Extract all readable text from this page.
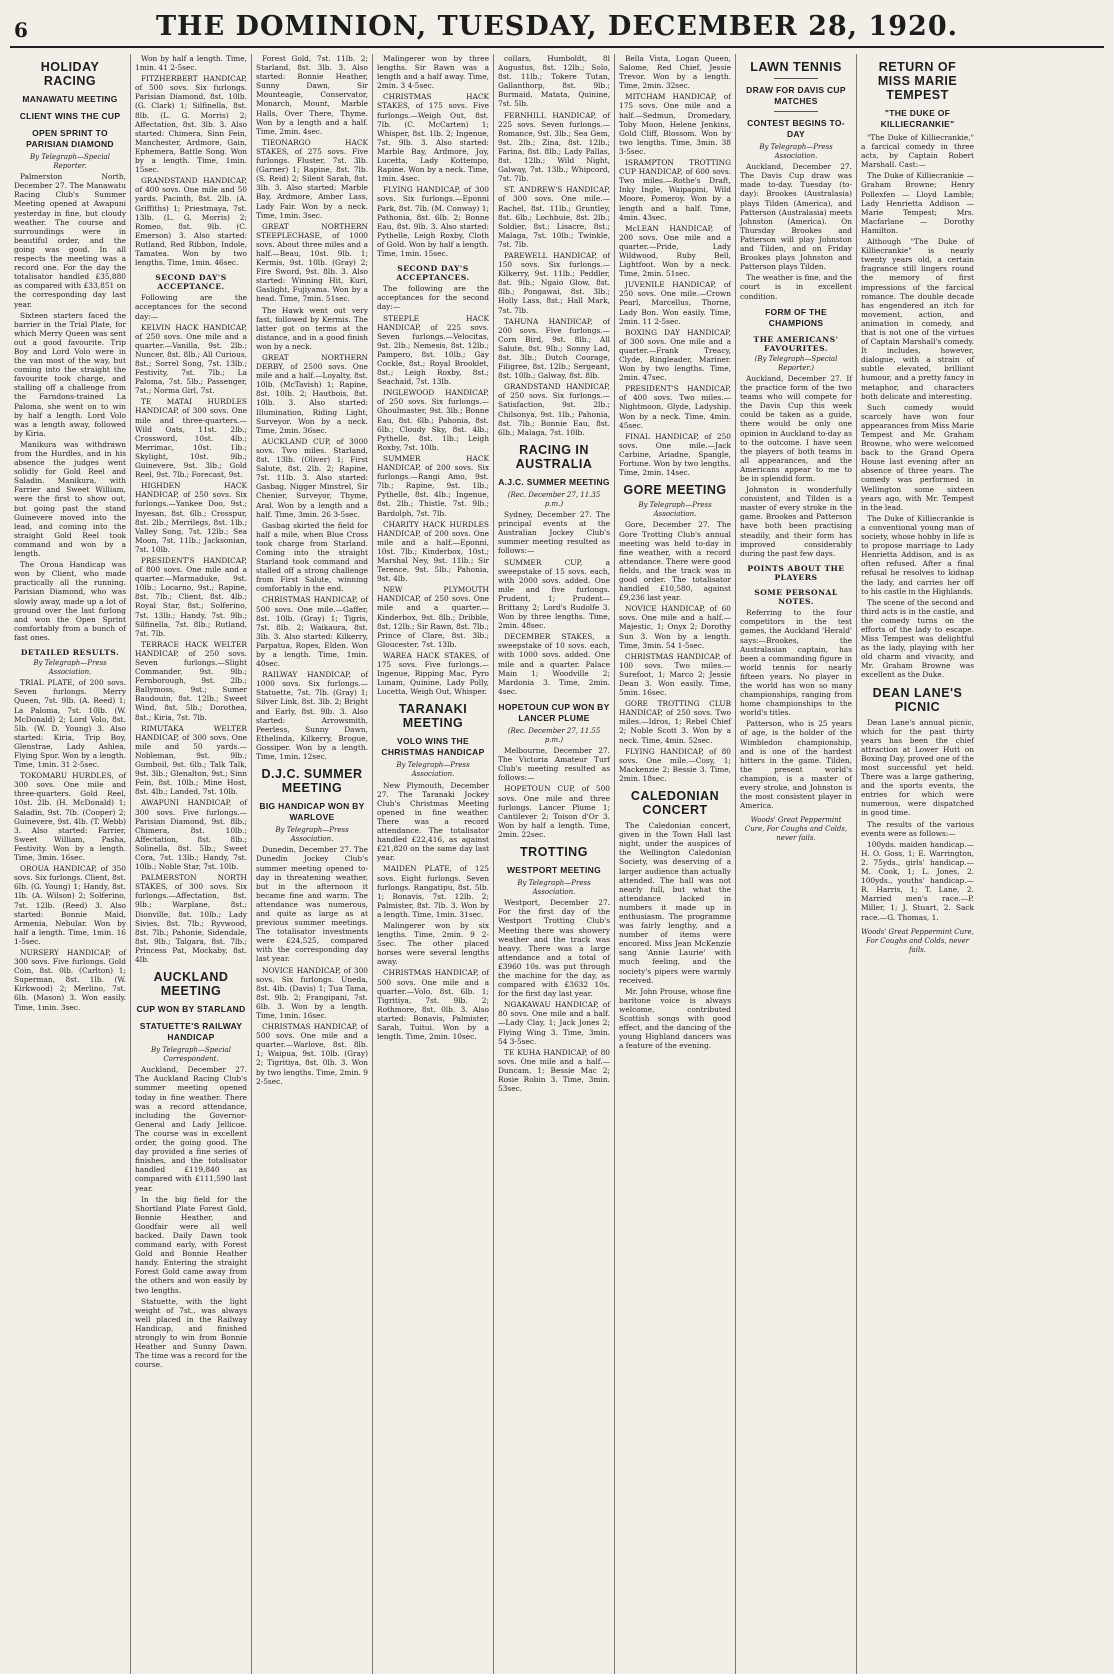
6	THE DOMINION, TUESDAY, DECEMBER 28, 1920.
HOLIDAY RACING
MANAWATU MEETING
CLIENT WINS THE CUP
OPEN SPRINT TO PARISIAN DIAMOND
By Telegraph—Special Reporter.

Palmerston North, December 27. The Manawatu Racing Club's Summer Meeting opened at Awapuni yesterday in fine, but cloudy weather. The course and surroundings were in beautiful order, and the going was good. In all respects the meeting was a record one. For the day the totalisator handled £35,880 as compared with £33,851 on the corresponding day last year.

Sixteen starters faced the barrier in the Trial Plate, for which Merry Queen was sent out a good favourite. Trip Boy and Lord Volo were in the van most of the way, but coming into the straight the favourite took charge, and stalling off a challenge from the Farndons-trained La Paloma, she went on to win by half a length. Lord Volo was a length away, followed by Kiria.

Manikura was withdrawn from the Hurdles, and in his absence the judges went solidly for Gold Reel and Saladin. Manikura, with Farrier and Sweet William, were the first to show out, but going past the stand Guinevere moved into the lead, and coming into the straight Gold Reel took command and won by a length.

The Oroua Handicap was won by Client, who made practically all the running. Parisian Diamond, who was slowly away, made up a lot of ground over the last furlong and won the Open Sprint comfortably from a bunch of fast ones.

DETAILED RESULTS.
By Telegraph—Press Association.

TRIAL PLATE, of 200 sovs. Seven furlongs. Merry Queen, 7st. 9lb. (A. Reed) 1; La Paloma, 7st. 10lb. (W. McDonald) 2; Lord Volo, 8st. 5lb. (W. D. Young) 3. Also started: Kiria, Trip Boy, Glenstrae, Lady Ashlea, Flying Spur. Won by a length. Time, 1min. 31 2-5sec.

TOKOMARU HURDLES, of 300 sovs. One mile and three-quarters. Gold Reel, 10st. 2lb. (H. McDonald) 1; Saladin, 9st. 7lb. (Cooper) 2; Guinevere, 9st. 4lb. (T. Webb) 3. Also started: Farrier, Sweet William, Pasha, Festivity. Won by a length. Time, 3min. 16sec.

OROUA HANDICAP, of 350 sovs. Six furlongs. Client, 8st. 6lb. (G. Young) 1; Handy, 8st. 1lb. (A. Wilson) 2; Solferino, 7st. 12lb. (Reed) 3. Also started: Bonnie Maid, Armenia, Nebular. Won by half a length. Time, 1min. 16 1-5sec.

NURSERY HANDICAP, of 300 sovs. Five furlongs. Gold Coin, 8st. 0lb. (Carlton) 1; Superman, 8st. 1lb. (W. Kirkwood) 2; Merlino, 7st. 6lb. (Mason) 3. Won easily. Time, 1min. 3sec.

Won by half a length. Time, 1min. 41 2-5sec.

FITZHERBERT HANDICAP, of 500 sovs. Six furlongs. Parisian Diamond, 8st. 10lb. (G. Clark) 1; Silfinella, 8st. 8lb. (L. G. Morris) 2; Affectation, 8st. 3lb. 3. Also started: Chimera, Sinn Fein, Manchester, Ardmore, Gain, Ephemera, Battle Song. Won by a length. Time, 1min. 15sec.

GRANDSTAND HANDICAP, of 400 sovs. One mile and 50 yards. Pacinth, 8st. 2lb. (A. Griffiths) 1; Priestmaya, 7st. 13lb. (L. G. Morris) 2; Romeo, 8st. 9lb. (C. Emerson) 3. Also started: Rutland, Red Ribbon, Indole, Tamatea. Won by two lengths. Time, 1min. 46sec.

SECOND DAY'S ACCEPTANCE.

Following are the acceptances for the second day:—

KELVIN HACK HANDICAP, of 250 sovs. One mile and a quarter.—Vanilla, 9st. 2lb.; Nuncer, 8st. 8lb.; All Curious, 8st.; Sorrel Song, 7st. 13lb.; Festivity, 7st. 7lb.; La Paloma, 7st. 5lb.; Passenger, 7st.; Norma Girl, 7st.

TE MATAI HURDLES HANDICAP, of 300 sovs. One mile and three-quarters.—Wild Oats, 11st. 2lb.; Crossword, 10st. 4lb.; Merrimac, 10st. 1lb.; Skylight, 10st. 9lb.; Guinevere, 9st. 3lb.; Gold Reel, 9st. 7lb.; Forecast, 9st.

HIGHDEN HACK HANDICAP, of 250 sovs. Six furlongs.—Yankee Doo, 9st.; Inyesan, 8st. 6lb.; Crosspur, 8st. 2lb.; Merrilegs, 8st. 1lb.; Valley Song, 7st. 12lb.; Sea Moon, 7st. 11lb.; Jacksonian, 7st. 10lb.

PRESIDENT'S HANDICAP, of 800 sovs. One mile and a quarter.—Marmaduke, 9st. 10lb.; Locarno, 9st.; Rapine, 8st. 7lb.; Client, 8st. 4lb.; Royal Star, 8st.; Solferino, 7st. 13lb.; Handy, 7st. 9lb.; Silfinella, 7st. 8lb.; Rutland, 7st. 7lb.

TERRACE HACK WELTER HANDICAP, of 250 sovs. Seven furlongs.—Slight Commander, 9st. 9lb.; Fernborough, 9st. 2lb.; Ballymoss, 9st.; Sumer Baudouin, 8st. 12lb.; Sweet Wind, 8st. 5lb.; Dorothea, 8st.; Kiria, 7st. 7lb.

RIMUTAKA WELTER HANDICAP, of 300 sovs. One mile and 50 yards.—Nobleman, 9st. 9lb.; Gumboil, 9st. 6lb.; Talk Talk, 9st. 3lb.; Glenalton, 9st.; Sinn Fein, 8st. 10lb.; Mine Host, 8st. 4lb.; Landed, 7st. 10lb.

AWAPUNI HANDICAP, of 300 sovs. Five furlongs.—Parisian Diamond, 9st. 8lb.; Chimera, 8st. 10lb.; Affectation, 8st. 8lb.; Solinella, 8st. 5lb.; Sweet Cora, 7st. 13lb.; Handy, 7st. 10lb.; Noble Star, 7st. 10lb.

PALMERSTON NORTH STAKES, of 300 sovs. Six furlongs.—Affectation, 8st. 9lb.; Warplane, 8st.; Dionville, 8st. 10lb.; Lady Sivies, 8st. 7lb.; Ryvwood, 8st. 7lb.; Pahonie, Sidendale, 8st. 9lb.; Talgara, 8st. 7lb.; Princess Pat, Mockaby, 8st. 4lb.

AUCKLAND MEETING
CUP WON BY STARLAND
STATUETTE'S RAILWAY HANDICAP
By Telegraph—Special Correspondent.

Auckland, December 27. The Auckland Racing Club's summer meeting opened today in fine weather. There was a record attendance, including the Governor-General and Lady Jellicoe. The course was in excellent order, the going good. The day provided a fine series of finishes, and the totalisator handled £119,840 as compared with £111,590 last year.

In the big field for the Shortland Plate Forest Gold, Bonnie Heather, and Goodfair were all well backed. Daily Dawn took command early, with Forest Gold and Bonnie Heather handy. Entering the straight Forest Gold came away from the others and won easily by two lengths.

Statuette, with the light weight of 7st., was always well placed in the Railway Handicap, and finished strongly to win from Bonnie Heather and Sunny Dawn. The time was a record for the course.

Forest Gold, 7st. 11lb. 2; Starland, 8st. 3lb. 3. Also started: Bonnie Heather, Sunny Dawn, Sir Mounteagle, Conservator, Monarch, Mount, Marble Halls, Over There, Thyme. Won by a length and a half. Time, 2min. 4sec.

TIEONARGO HACK STAKES, of 275 sovs. Five furlongs. Fluster, 7st. 3lb. (Garner) 1; Rapine, 8st. 7lb. (S. Reid) 2; Silent Sarah, 8st. 3lb. 3. Also started: Marble Bay, Ardmore, Amber Lass, Lady Fair. Won by a neck. Time, 1min. 3sec.

GREAT NORTHERN STEEPLECHASE, of 1000 sovs. About three miles and a half.—Beau, 10st. 9lb. 1; Kermis, 9st. 10lb. (Gray) 2; Fire Sword, 9st. 8lb. 3. Also started: Winning Hit, Kuri, Gaslight, Fujiyama. Won by a head. Time, 7min. 51sec.

The Hawk went out very fast, followed by Kermis. The latter got on terms at the distance, and in a good finish won by a neck.

GREAT NORTHERN DERBY, of 2500 sovs. One mile and a half.—Loyalty, 8st. 10lb. (McTavish) 1; Rapine, 8st. 10lb. 2; Hautbois, 8st. 10lb. 3. Also started: Illumination, Riding Light, Surveyor. Won by a neck. Time, 2min. 36sec.

AUCKLAND CUP, of 3000 sovs. Two miles. Starland, 8st. 13lb. (Oliver) 1; First Salute, 8st. 2lb. 2; Rapine, 7st. 11lb. 3. Also started: Gasbag, Nigger Minstrel, Sir Chenier, Surveyor, Thyme, Aral. Won by a length and a half. Time, 3min. 26 3-5sec.

Gasbag skirted the field for half a mile, when Blue Cross took charge from Starland. Coming into the straight Starland took command and stalled off a strong challenge from First Salute, winning comfortably in the end.

CHRISTMAS HANDICAP, of 500 sovs. One mile.—Gaffer, 8st. 10lb. (Gray) 1; Tigris, 7st. 8lb. 2; Waikaura, 8st. 3lb. 3. Also started: Kilkerry, Parpatua, Ropes, Elden. Won by a length. Time, 1min. 40sec.

RAILWAY HANDICAP, of 1000 sovs. Six furlongs.—Statuette, 7st. 7lb. (Gray) 1; Silver Link, 8st. 3lb. 2; Bright and Early, 8st. 9lb. 3. Also started: Arrowsmith, Peerless, Sunny Dawn, Ethelinda, Kilkerry, Brogue, Gossiper. Won by a length. Time, 1min. 12sec.

D.J.C. SUMMER MEETING
BIG HANDICAP WON BY WARLOVE
By Telegraph—Press Association.

Dunedin, December 27. The Dunedin Jockey Club's summer meeting opened to-day in threatening weather, but in the afternoon it became fine and warm. The attendance was numerous, and quite as large as at previous summer meetings. The totalisator investments were £24,525, compared with the corresponding day last year.

NOVICE HANDICAP, of 300 sovs. Six furlongs. Uneda, 8st. 4lb. (Davis) 1; Tua Tama, 8st. 9lb. 2; Frangipani, 7st. 6lb. 3. Won by a length. Time, 1min. 16sec.

CHRISTMAS HANDICAP, of 500 sovs. One mile and a quarter.—Warlove, 8st. 8lb. 1; Waipua, 9st. 10lb. (Gray) 2; Tigritiya, 8st. 0lb. 3. Won by two lengths. Time, 2min. 9 2-5sec.

Malingerer won by three lengths. Sir Rawn was a length and a half away. Time, 2min. 3 4-5sec.

CHRISTMAS HACK STAKES, of 175 sovs. Five furlongs.—Weigh Out, 8st. 7lb. (C. McCarten) 1; Whisper, 8st. 1lb. 2; Ingenue, 7st. 9lb. 3. Also started: Marble Bay, Ardmore, Joy, Lucetta, Lady Kottempo, Rapine. Won by a neck. Time, 1min. 4sec.

FLYING HANDICAP, of 300 sovs. Six furlongs.—Eponni Park, 8st. 7lb. (M. Conway) 1; Pathonia, 8st. 6lb. 2; Bonne Eau, 8st. 9lb. 3. Also started: Pythelle, Leigh Roxby, Cloth of Gold. Won by half a length. Time, 1min. 15sec.

SECOND DAY'S ACCEPTANCES.

The following are the acceptances for the second day:—

STEEPLE HACK HANDICAP, of 225 sovs. Seven furlongs.—Velocitas, 9st. 2lb.; Nemesis, 8st. 12lb.; Pampero, 8st. 10lb.; Gay Cockle, 8st.; Royal Brooklet, 8st.; Leigh Roxby, 8st.; Seachaid, 7st. 13lb.

INGLEWOOD HANDICAP, of 250 sovs. Six furlongs.—Ghoulmaster, 9st. 3lb.; Bonne Eau, 8st. 6lb.; Pahonia, 8st. 6lb.; Cloudy Sky, 8st. 4lb.; Pythelle, 8st. 1lb.; Leigh Roxby, 7st. 10lb.

SUMMER HACK HANDICAP, of 200 sovs. Six furlongs.—Rangi Amo, 9st. 7lb.; Rapine, 9st. 1lb.; Pythelle, 8st. 4lb.; Ingenue, 8st. 2lb.; Thistle, 7st. 9lb.; Bardolph, 7st. 7lb.

CHARITY HACK HURDLES HANDICAP, of 200 sovs. One mile and a half.—Eponni, 10st. 7lb.; Kinderbox, 10st.; Marshal Ney, 9st. 11lb.; Sir Terence, 9st. 5lb.; Pahonia, 9st. 4lb.

NEW PLYMOUTH HANDICAP, of 250 sovs. One mile and a quarter.—Kinderbox, 9st. 8lb.; Dribble, 8st. 12lb.; Sir Rawn, 8st. 7lb.; Prince of Clare, 8st. 3lb.; Gloucester, 7st. 13lb.

WAREA HACK STAKES, of 175 sovs. Five furlongs.—Ingenue, Ripping Mac, Pyro Lunam, Quinine, Lady Polly, Lucetta, Weigh Out, Whisper.

TARANAKI MEETING
VOLO WINS THE CHRISTMAS HANDICAP
By Telegraph—Press Association.

New Plymouth, December 27. The Taranaki Jockey Club's Christmas Meeting opened in fine weather. There was a record attendance. The totalisator handled £22,416, as against £21,820 on the same day last year.

MAIDEN PLATE, of 125 sovs. Eight furlongs. Seven furlongs. Rangatipu, 8st. 5lb. 1; Bonavis, 7st. 12lb. 2; Palmister, 8st. 7lb. 3. Won by a length. Time, 1min. 31sec.

Malingerer won by six lengths. Time, 2min. 9 2-5sec. The other placed horses were several lengths away.

CHRISTMAS HANDICAP, of 500 sovs. One mile and a quarter.—Volo, 8st. 6lb. 1; Tigritiya, 7st. 9lb. 2; Rothmore, 8st. 0lb. 3. Also started: Bonavis, Palmister, Sarah, Tuitui. Won by a length. Time, 2min. 10sec.

collars, Humboldt, 8l Augustus, 8st. 12lb.; Solo, 8st. 11lb.; Tokere Tutan, Gallanthorp, 8st. 9lb.; Burmaid, Matata, Quinine, 7st. 5lb.

FERNHILL HANDICAP, of 225 sovs. Seven furlongs.—Romance, 9st. 3lb.; Sea Gem, 9st. 2lb.; Zina, 8st. 12lb.; Farina, 8st. 8lb.; Lady Pallas, 8st. 12lb.; Wild Night, Galway, 7st. 13lb.; Whipcord, 7st. 7lb.

ST. ANDREW'S HANDICAP, of 300 sovs. One mile.—Rachel, 8st. 11lb.; Gruntley, 8st. 6lb.; Lochbuie, 8st. 2lb.; Soldier, 8st.; Lisacre, 8st.; Malaga, 7st. 10lb.; Twinkle, 7st. 7lb.

PAREWELL HANDICAP, of 150 sovs. Six furlongs.—Kilkerry, 9st. 11lb.; Peddler, 8st. 9lb.; Ngaio Glow, 8st. 8lb.; Pongawai, 8st. 3lb.; Holly Lass, 8st.; Hall Mark, 7st. 7lb.

TAHUNA HANDICAP, of 200 sovs. Five furlongs.—Corn Bird, 9st. 8lb.; All Salute, 8st. 9lb.; Sonny Lad, 8st. 3lb.; Dutch Courage, Filigree, 8st. 12lb.; Sergeant, 8st. 10lb.; Galway, 8st. 8lb.

GRANDSTAND HANDICAP, of 250 sovs. Six furlongs.—Satisfaction, 9st. 2lb.; Chilsonya, 9st. 1lb.; Pahonia, 8st. 7lb.; Bonnie Eau, 8st. 6lb.; Malaga, 7st. 10lb.

RACING IN AUSTRALIA
A.J.C. SUMMER MEETING
(Rec. December 27, 11.35 p.m.)

Sydney, December 27. The principal events at the Australian Jockey Club's summer meeting resulted as follows:—

SUMMER CUP, a sweepstake of 15 sovs. each, with 2000 sovs. added. One mile and five furlongs. Prudent, 1; Prudent—Brittany 2; Lord's Rudolfe 3. Won by three lengths. Time, 2min. 48sec.

DECEMBER STAKES, a sweepstake of 10 sovs. each, with 1000 sovs. added. One mile and a quarter. Palace Main 1; Woodville 2; Mardonia 3. Time, 2min. 4sec.

HOPETOUN CUP WON BY LANCER PLUME
(Rec. December 27, 11.55 p.m.)

Melbourne, December 27. The Victoria Amateur Turf Club's meeting resulted as follows:—

HOPETOUN CUP, of 500 sovs. One mile and three furlongs. Lancer Plume 1; Cantilever 2; Toison d'Or 3. Won by half a length. Time, 2min. 22sec.

TROTTING
WESTPORT MEETING
By Telegraph—Press Association.

Westport, December 27. For the first day of the Westport Trotting Club's Meeting there was showery weather and the track was heavy. There was a large attendance and a total of £3960 10s. was put through the machine for the day, as compared with £3632 10s. for the first day last year.

NGAKAWAU HANDICAP, of 80 sovs. One mile and a half.—Lady Clay, 1; Jack Jones 2; Flying Wing 3. Time, 3min. 54 3-5sec.

TE KUHA HANDICAP, of 80 sovs. One mile and a half.—Duncam, 1; Bessie Mac 2; Rosie Robin 3. Time, 3min. 53sec.

Bella Vista, Logan Queen, Salome, Red Chief, Jessie Trevor. Won by a length. Time, 2min. 32sec.

MITCHAM HANDICAP, of 175 sovs. One mile and a half.—Sedmun, Dromedary, Toby Moon, Helene Jenkins, Gold Cliff, Blossom. Won by two lengths. Time, 3min. 38 3-5sec.

ISRAMPTON TROTTING CUP HANDICAP, of 600 sovs. Two miles.—Rothe's Draft, Inky Ingle, Waipapini, Wild Moore, Pomeroy. Won by a length and a half. Time, 4min. 43sec.

McLEAN HANDICAP, of 200 sovs. One mile and a quarter.—Pride, Lady Wildwood, Ruby Bell, Lightfoot. Won by a neck. Time, 2min. 51sec.

JUVENILE HANDICAP, of 250 sovs. One mile.—Crown Pearl, Marcellus, Thorne, Lady Bon. Won easily. Time, 2min. 11 2-5sec.

BOXING DAY HANDICAP, of 300 sovs. One mile and a quarter.—Frank Treacy, Clyde, Ringleader, Mariner. Won by two lengths. Time, 2min. 47sec.

PRESIDENT'S HANDICAP, of 400 sovs. Two miles.—Nightmoon, Glyde, Ladyship. Won by a neck. Time, 4min. 45sec.

FINAL HANDICAP, of 250 sovs. One mile.—Jack Carbine, Ariadne, Spangle, Fortune. Won by two lengths. Time, 2min. 14sec.

GORE MEETING
By Telegraph—Press Association.

Gore, December 27. The Gore Trotting Club's annual meeting was held to-day in fine weather, with a record attendance. There were good fields, and the track was in good order. The totalisator handled £10,580, against £9,236 last year.

NOVICE HANDICAP, of 60 sovs. One mile and a half.—Majestic, 1; Onyx 2; Dorothy Sun 3. Won by a length. Time, 3min. 54 1-5sec.

CHRISTMAS HANDICAP, of 100 sovs. Two miles.—Surefoot, 1; Marco 2; Jessie Dean 3. Won easily. Time, 5min. 16sec.

GORE TROTTING CLUB HANDICAP, of 250 sovs. Two miles.—Idros, 1; Rebel Chief 2; Noble Scott 3. Won by a neck. Time, 4min. 52sec.

FLYING HANDICAP, of 80 sovs. One mile.—Cosy, 1; Mackenzie 2; Bessie 3. Time, 2min. 18sec.

CALEDONIAN CONCERT

The Caledonian concert, given in the Town Hall last night, under the auspices of the Wellington Caledonian Society, was deserving of a larger audience than actually attended. The hall was not nearly full, but what the attendance lacked in numbers it made up in enthusiasm. The programme was fairly lengthy, and a number of items were encored. Miss Jean McKenzie sang 'Annie Laurie' with much feeling, and the society's pipers were warmly received.

Mr. John Prouse, whose fine baritone voice is always welcome, contributed Scottish songs with good effect, and the dancing of the young Highland dancers was a feature of the evening.

LAWN TENNIS
DRAW FOR DAVIS CUP MATCHES
CONTEST BEGINS TO-DAY
By Telegraph—Press Association.

Auckland, December 27. The Davis Cup draw was made to-day. Tuesday (to-day): Brookes (Australasia) plays Tilden (America), and Patterson (Australasia) meets Johnston (America). On Thursday Brookes and Patterson will play Johnston and Tilden, and on Friday Brookes plays Johnston and Patterson plays Tilden.

The weather is fine, and the court is in excellent condition.

FORM OF THE CHAMPIONS
THE AMERICANS' FAVOURITES.
(By Telegraph—Special Reporter.)

Auckland, December 27. If the practice form of the two teams who will compete for the Davis Cup this week could be taken as a guide, there would be only one opinion in Auckland to-day as to the outcome. I have seen the players of both teams in all appearances, and the Americans appear to me to be in splendid form.

Johnston is wonderfully consistent, and Tilden is a master of every stroke in the game. Brookes and Patterson have both been practising steadily, and their form has improved considerably during the past few days.

POINTS ABOUT THE PLAYERS
SOME PERSONAL NOTES.

Referring to the four competitors in the test games, the Auckland 'Herald' says:—Brookes, the Australasian captain, has been a commanding figure in world tennis for nearly fifteen years. No player in the world has won so many championships, ranging from home championships to the world's titles.

Patterson, who is 25 years of age, is the holder of the Wimbledon championship, and is one of the hardest hitters in the game. Tilden, the present world's champion, is a master of every stroke, and Johnston is the most consistent player in America.

Woods' Great Peppermint Cure, For Coughs and Colds, never fails.
RETURN OF MISS MARIE TEMPEST
"THE DUKE OF KILLIECRANKIE"

"The Duke of Killiecrankie," a farcical comedy in three acts, by Captain Robert Marshall. Cast:—

The Duke of Killiecrankie — Graham Browne; Henry Pollexfen — Lloyd Lamble; Lady Henrietta Addison — Marie Tempest; Mrs. Macfarlane — Dorothy Hamilton.

Although "The Duke of Killiecrankie" is nearly twenty years old, a certain fragrance still lingers round the memory of first impressions of the farcical romance. The double decade has engendered an itch for movement, action, and animation in comedy, and that is not one of the virtues of Captain Marshall's comedy. It includes, however, dialogue, with a strain of subtle elevated, brilliant humour, and a pretty fancy in metaphor, and characters both delicate and interesting.

Such comedy would scarcely have won four appearances from Miss Marie Tempest and Mr. Graham Browne, who were welcomed back to the Grand Opera House last evening after an absence of three years. The comedy was performed in Wellington some sixteen years ago, with Mr. Tempest in the lead.

The Duke of Killiecrankie is a conventional young man of society, whose hobby in life is to propose marriage to Lady Henrietta Addison, and is as often refused. After a final refusal he resolves to kidnap the lady, and carries her off to his castle in the Highlands.

The scene of the second and third acts is in the castle, and the comedy turns on the efforts of the lady to escape. Miss Tempest was delightful as the lady, playing with her old charm and vivacity, and Mr. Graham Browne was excellent as the Duke.

DEAN LANE'S PICNIC

Dean Lane's annual picnic, which for the past thirty years has been the chief attraction at Lower Hutt on Boxing Day, proved one of the most successful yet held. There was a large gathering, and the sports events, the entries for which were numerous, were dispatched in good time.

The results of the various events were as follows:—

100yds. maiden handicap.—H. O. Goss, 1; E. Warrington, 2. 75yds., girls' handicap.—M. Cook, 1; L. Jones, 2. 100yds., youths' handicap.—R. Harris, 1; T. Lane, 2. Married men's race.—P. Miller, 1; J. Stuart, 2. Sack race.—G. Thomas, 1.

Woods' Great Peppermint Cure, For Coughs and Colds, never fails.
